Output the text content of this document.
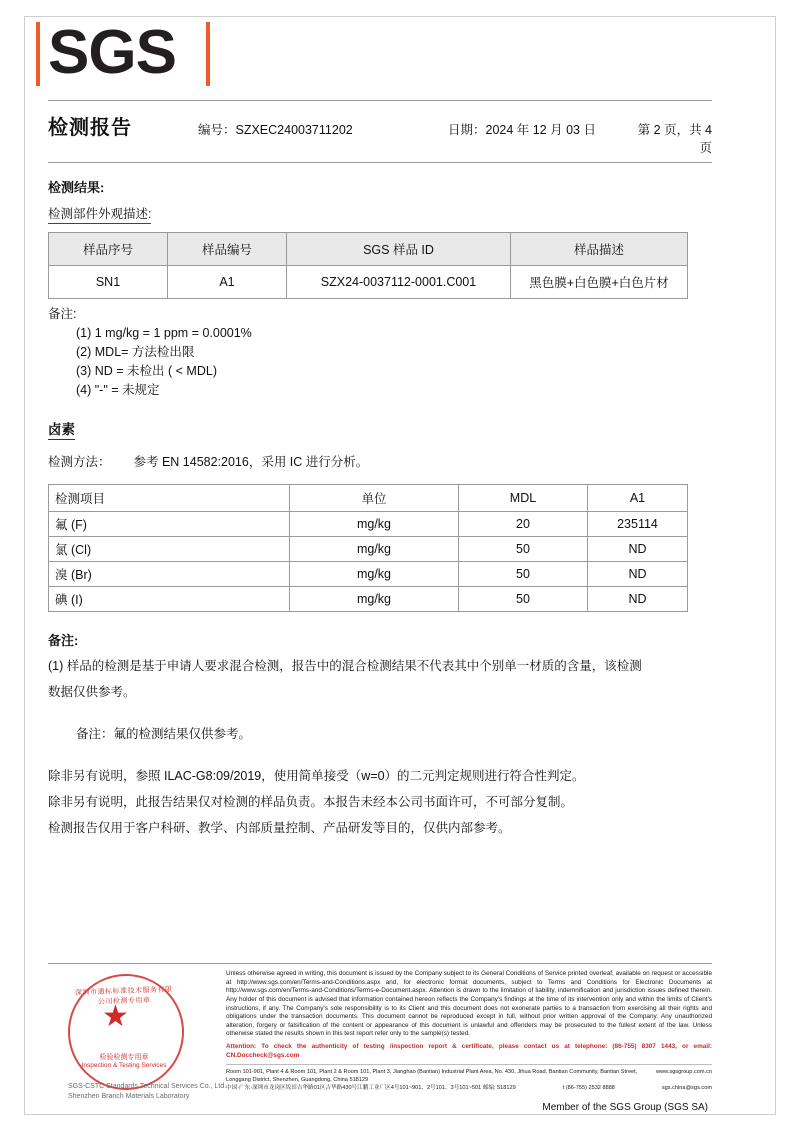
SGS
检测报告	编号：SZXEC24003711202	日期：2024 年 12 月 03 日	第 2 页，共 4 页
检测结果:
检测部件外观描述:
样品序号	样品编号	SGS 样品 ID	样品描述
SN1	A1	SZX24-0037112-0001.C001	黑色膜+白色膜+白色片材
备注:
(1) 1 mg/kg = 1 ppm = 0.0001%
(2) MDL= 方法检出限
(3) ND = 未检出 ( < MDL)
(4) "-" = 未规定
卤素
检测方法： 参考 EN 14582:2016，采用 IC 进行分析。
检测项目	单位	MDL	A1
氟 (F)	mg/kg	20	235114
氯 (Cl)	mg/kg	50	ND
溴 (Br)	mg/kg	50	ND
碘 (I)	mg/kg	50	ND
备注:
(1) 样品的检测是基于申请人要求混合检测，报告中的混合检测结果不代表其中个别单一材质的含量，该检测
数据仅供参考。
备注：氟的检测结果仅供参考。
除非另有说明，参照 ILAC-G8:09/2019，使用简单接受（w=0）的二元判定规则进行符合性判定。
除非另有说明，此报告结果仅对检测的样品负责。本报告未经本公司书面许可，不可部分复制。
检测报告仅用于客户科研、教学、内部质量控制、产品研发等目的，仅供内部参考。
深圳市通标标准技术服务有限公司检测专用章
检验检测专用章
Inspection & Testing Services
SGS-CSTC Standards Technical Services Co., Ltd. Shenzhen Branch Materials Laboratory
Unless otherwise agreed in writing, this document is issued by the Company subject to its General Conditions of Service printed overleaf, available on request or accessible at http://www.sgs.com/en/Terms-and-Conditions.aspx and, for electronic format documents, subject to Terms and Conditions for Electronic Documents at http://www.sgs.com/en/Terms-and-Conditions/Terms-e-Document.aspx. Attention is drawn to the limitation of liability, indemnification and jurisdiction issues defined therein. Any holder of this document is advised that information contained hereon reflects the Company's findings at the time of its intervention only and within the limits of Client's instructions, if any. The Company's sole responsibility is to its Client and this document does not exonerate parties to a transaction from exercising all their rights and obligations under the transaction documents. This document cannot be reproduced except in full, without prior written approval of the Company. Any unauthorized alteration, forgery or falsification of the content or appearance of this document is unlawful and offenders may be prosecuted to the fullest extent of the law. Unless otherwise stated the results shown in this test report refer only to the sample(s) tested.
Attention: To check the authenticity of testing /inspection report & certificate, please contact us at telephone: (86-755) 8307 1443, or email: CN.Doccheck@sgs.com
Room 101-901, Plant 4 & Room 101, Plant 2 & Room 101, Plant 3, Jianghao (Bantian) Industrial Plant Area, No. 430, Jihua Road, Bantian Community, Bantian Street, Longgang District, Shenzhen, Guangdong, China 518129
www.sgsgroup.com.cn
中国·广东·深圳市龙岗区坂田吉华路01区吉华路430号江鹏工业厂区4号101~901、2号101、3号101~501 邮编: 518129	t (86-755) 2532 8888	sgs.china@sgs.com
Member of the SGS Group (SGS SA)
